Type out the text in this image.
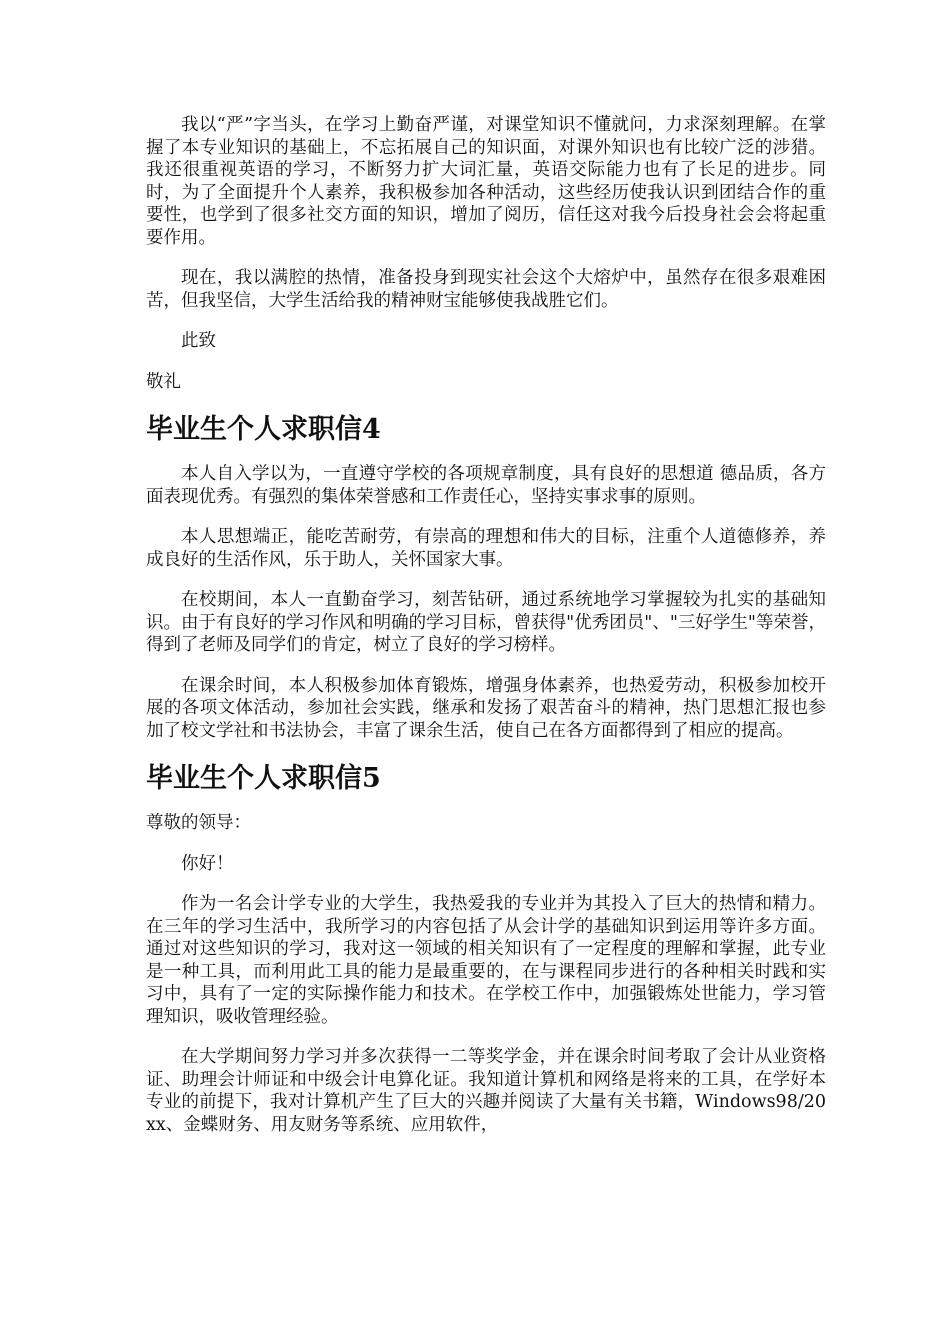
我以“严”字当头，在学习上勤奋严谨，对课堂知识不懂就问，力求深刻理解。在掌握了本专业知识的基础上，不忘拓展自己的知识面，对课外知识也有比较广泛的涉猎。我还很重视英语的学习，不断努力扩大词汇量，英语交际能力也有了长足的进步。同时，为了全面提升个人素养，我积极参加各种活动，这些经历使我认识到团结合作的重要性，也学到了很多社交方面的知识，增加了阅历，信任这对我今后投身社会会将起重要作用。

现在，我以满腔的热情，准备投身到现实社会这个大熔炉中，虽然存在很多艰难困苦，但我坚信，大学生活给我的精神财宝能够使我战胜它们。

此致

敬礼

毕业生个人求职信4

本人自入学以为，一直遵守学校的各项规章制度，具有良好的思想道 德品质，各方面表现优秀。有强烈的集体荣誉感和工作责任心，坚持实事求事的原则。

本人思想端正，能吃苦耐劳，有崇高的理想和伟大的目标，注重个人道德修养，养成良好的生活作风，乐于助人，关怀国家大事。

在校期间，本人一直勤奋学习，刻苦钻研，通过系统地学习掌握较为扎实的基础知识。由于有良好的学习作风和明确的学习目标，曾获得"优秀团员"、"三好学生"等荣誉，得到了老师及同学们的肯定，树立了良好的学习榜样。

在课余时间，本人积极参加体育锻炼，增强身体素养，也热爱劳动，积极参加校开展的各项文体活动，参加社会实践，继承和发扬了艰苦奋斗的精神，热门思想汇报也参加了校文学社和书法协会，丰富了课余生活，使自己在各方面都得到了相应的提高。

毕业生个人求职信5

尊敬的领导：

你好！

作为一名会计学专业的大学生，我热爱我的专业并为其投入了巨大的热情和精力。在三年的学习生活中，我所学习的内容包括了从会计学的基础知识到运用等许多方面。通过对这些知识的学习，我对这一领域的相关知识有了一定程度的理解和掌握，此专业是一种工具，而利用此工具的能力是最重要的，在与课程同步进行的各种相关时践和实习中，具有了一定的实际操作能力和技术。在学校工作中，加强锻炼处世能力，学习管理知识，吸收管理经验。

在大学期间努力学习并多次获得一二等奖学金，并在课余时间考取了会计从业资格证、助理会计师证和中级会计电算化证。我知道计算机和网络是将来的工具，在学好本专业的前提下，我对计算机产生了巨大的兴趣并阅读了大量有关书籍，Windows98/20xx、金蝶财务、用友财务等系统、应用软件，
